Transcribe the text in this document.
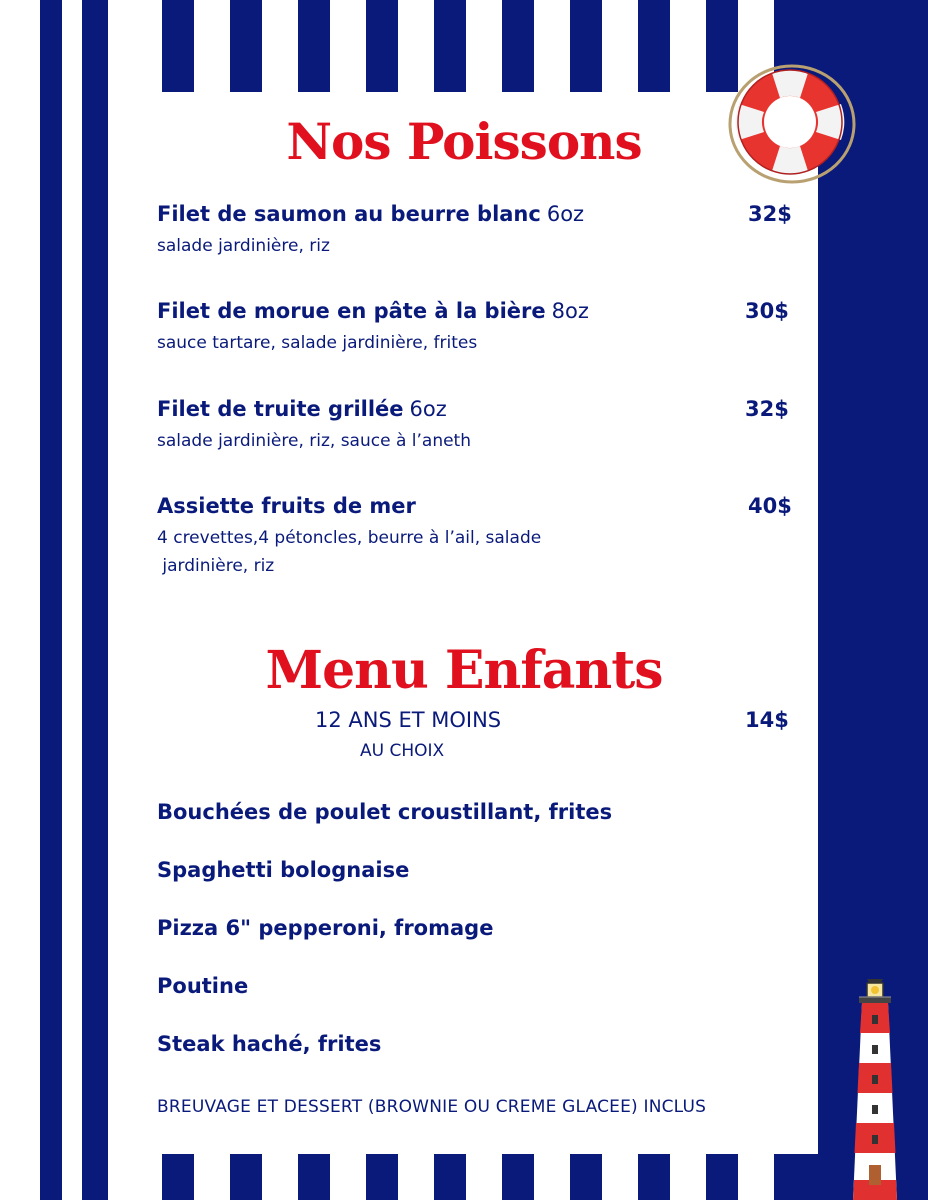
Nos Poissons
Filet de saumon au beurre blanc 6oz
salade jardinière, riz
32$
Filet de morue en pâte à la bière 8oz
sauce tartare, salade jardinière, frites
30$
Filet de truite grillée 6oz
salade jardinière, riz, sauce à l’aneth
32$
Assiette fruits de mer
4 crevettes,4 pétoncles, beurre à l’ail, salade
jardinière, riz
40$
Menu Enfants
12 ANS ET MOINS
AU CHOIX
14$
Bouchées de poulet croustillant, frites
Spaghetti bolognaise
Pizza 6" pepperoni, fromage
Poutine
Steak haché, frites
BREUVAGE ET DESSERT (BROWNIE OU CREME GLACEE) INCLUS
